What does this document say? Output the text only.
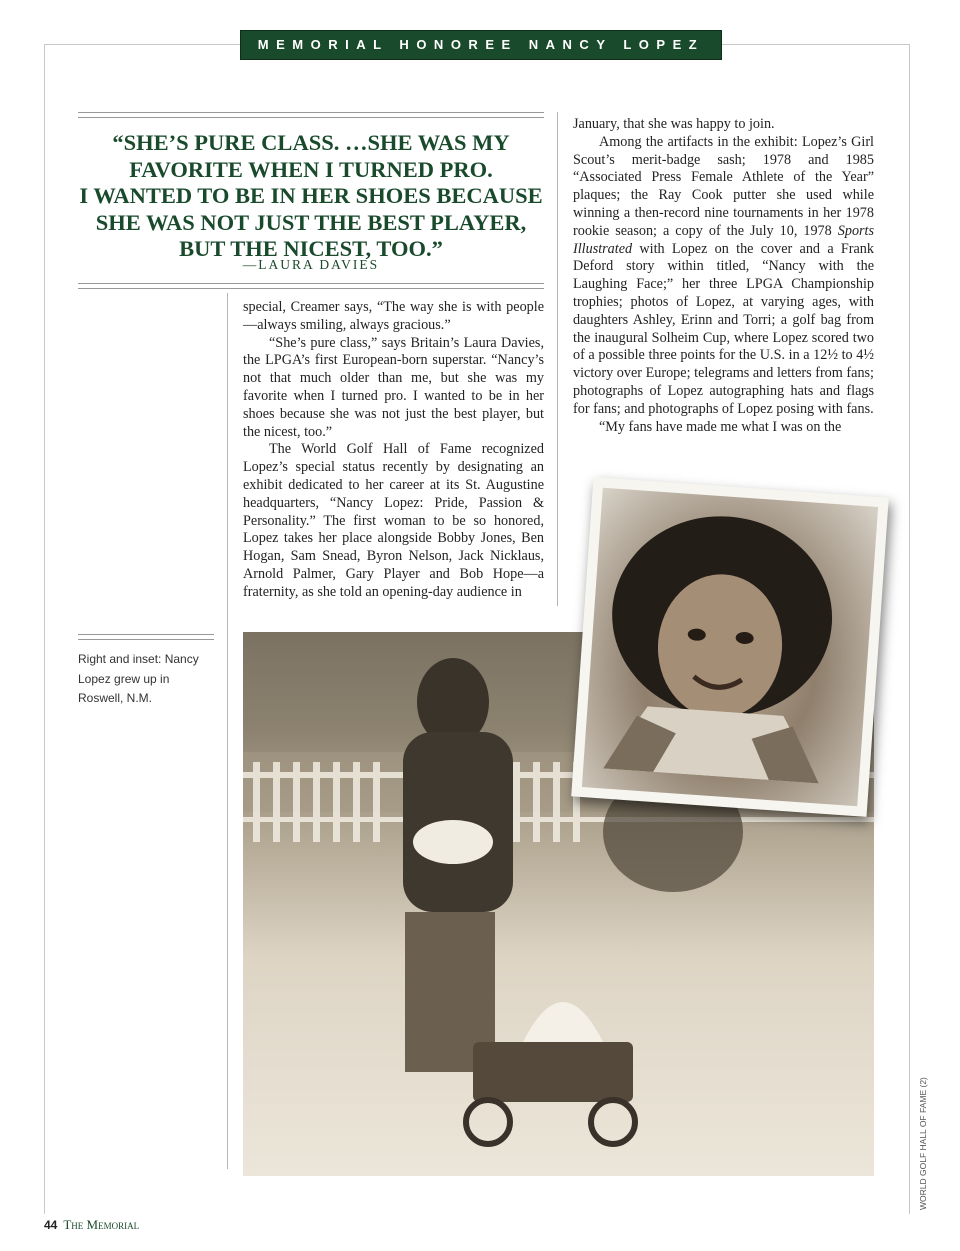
MEMORIAL HONOREE NANCY LOPEZ
“SHE’S PURE CLASS. …SHE WAS MY
FAVORITE WHEN I TURNED PRO.
I WANTED TO BE IN HER SHOES BECAUSE
SHE WAS NOT JUST THE BEST PLAYER,
BUT THE NICEST, TOO.”
—LAURA DAVIES

special, Creamer says, “The way she is with people—always smiling, always gracious.”

“She’s pure class,” says Britain’s Laura Davies, the LPGA’s first European-born superstar. “Nancy’s not that much older than me, but she was my favorite when I turned pro. I wanted to be in her shoes because she was not just the best player, but the nicest, too.”

The World Golf Hall of Fame recognized Lopez’s special status recently by designating an exhibit dedicated to her career at its St. Augustine headquarters, “Nancy Lopez: Pride, Passion & Personality.” The first woman to be so honored, Lopez takes her place alongside Bobby Jones, Ben Hogan, Sam Snead, Byron Nelson, Jack Nicklaus, Arnold Palmer, Gary Player and Bob Hope—a fraternity, as she told an opening-day audience in

January, that she was happy to join.

Among the artifacts in the exhibit: Lopez’s Girl Scout’s merit-badge sash; 1978 and 1985 “Associated Press Female Athlete of the Year” plaques; the Ray Cook putter she used while winning a then-record nine tournaments in her 1978 rookie season; a copy of the July 10, 1978 Sports Illustrated with Lopez on the cover and a Frank Deford story within titled, “Nancy with the Laughing Face;” her three LPGA Championship trophies; photos of Lopez, at varying ages, with daughters Ashley, Erinn and Torri; a golf bag from the inaugural Solheim Cup, where Lopez scored two of a possible three points for the U.S. in a 12½ to 4½ victory over Europe; telegrams and letters from fans; photographs of Lopez autographing hats and flags for fans; and photographs of Lopez posing with fans.

“My fans have made me what I was on the

Right and inset: Nancy Lopez grew up in Roswell, N.M.
WORLD GOLF HALL OF FAME (2)
44 The Memorial
